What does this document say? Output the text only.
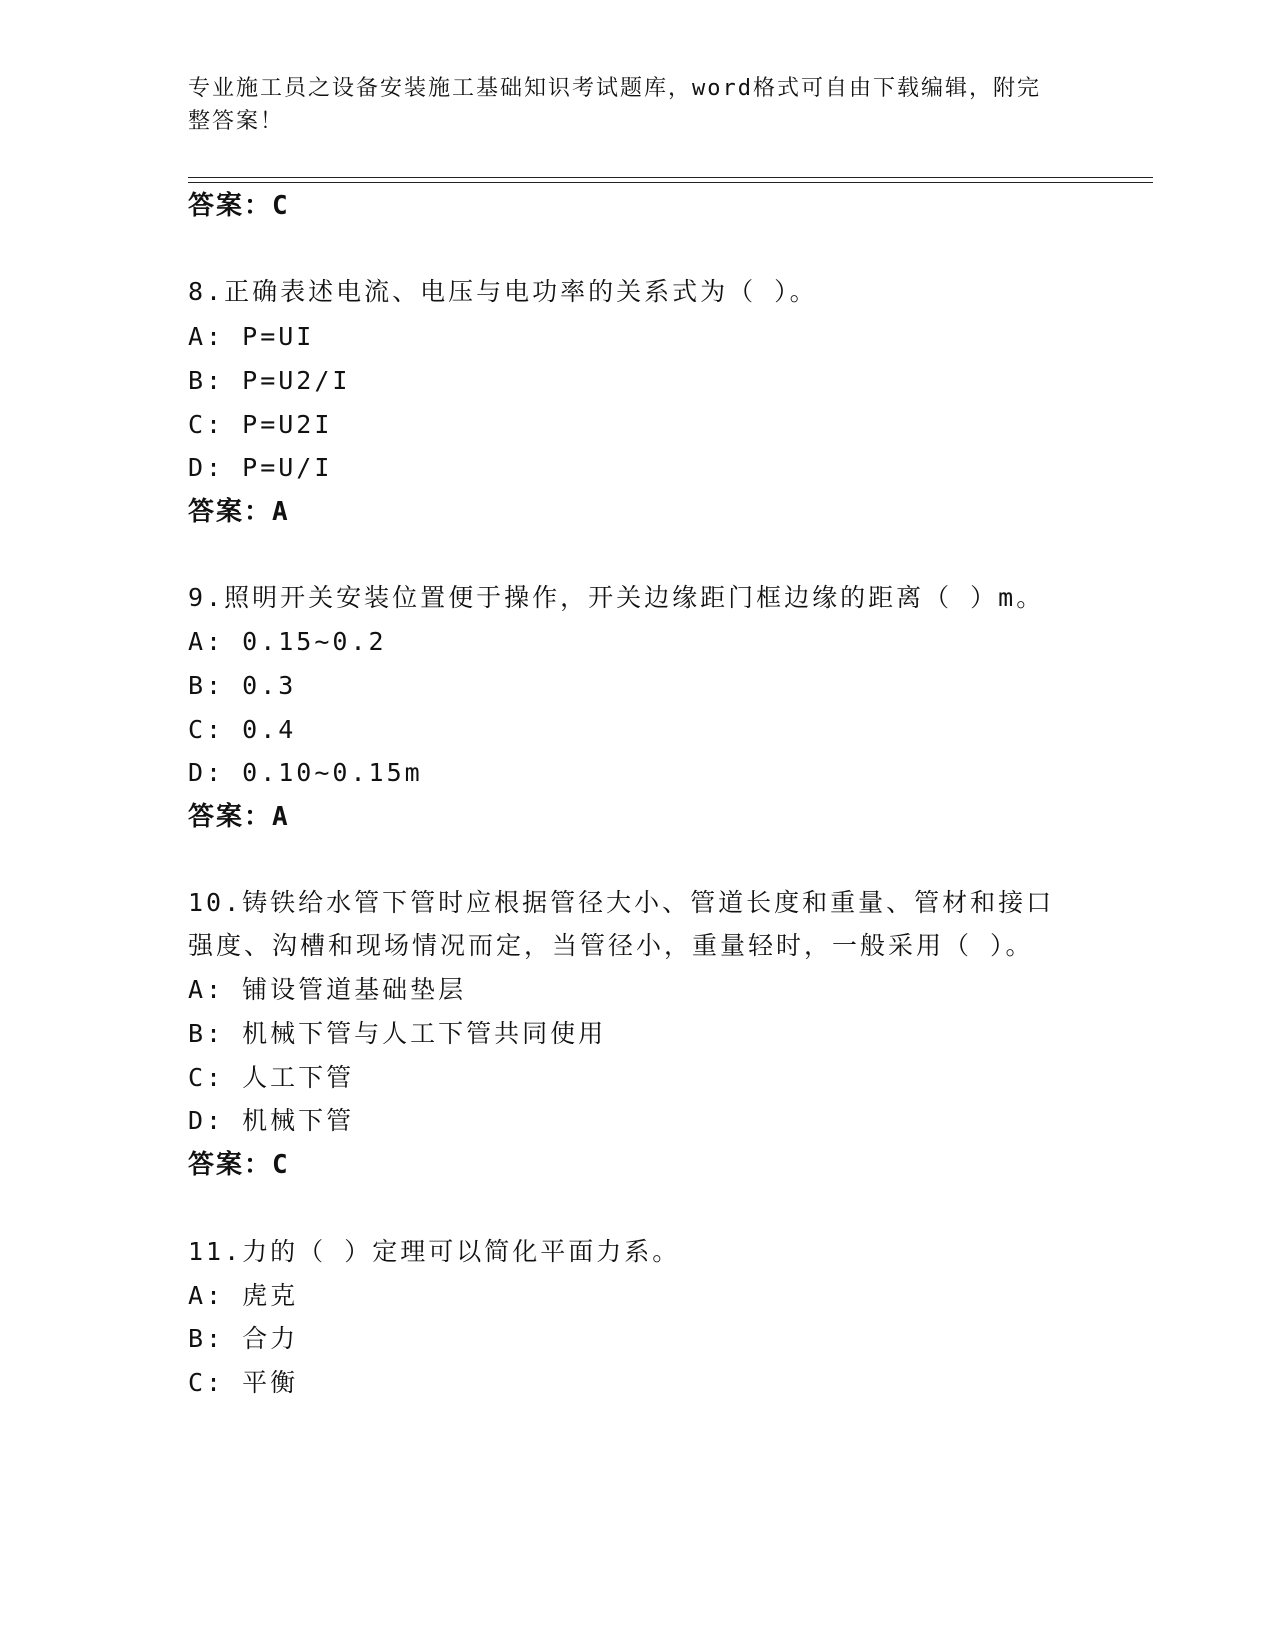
专业施工员之设备安装施工基础知识考试题库，word格式可自由下载编辑，附完
整答案！
答案：C
8.正确表述电流、电压与电功率的关系式为（ ）。
A: P=UI
B: P=U2/I
C: P=U2I
D: P=U/I
答案：A
9.照明开关安装位置便于操作，开关边缘距门框边缘的距离（ ）m。
A: 0.15~0.2
B: 0.3
C: 0.4
D: 0.10~0.15m
答案：A
10.铸铁给水管下管时应根据管径大小、管道长度和重量、管材和接口
强度、沟槽和现场情况而定，当管径小，重量轻时，一般采用（ ）。
A: 铺设管道基础垫层
B: 机械下管与人工下管共同使用
C: 人工下管
D: 机械下管
答案：C
11.力的（ ）定理可以简化平面力系。
A: 虎克
B: 合力
C: 平衡
